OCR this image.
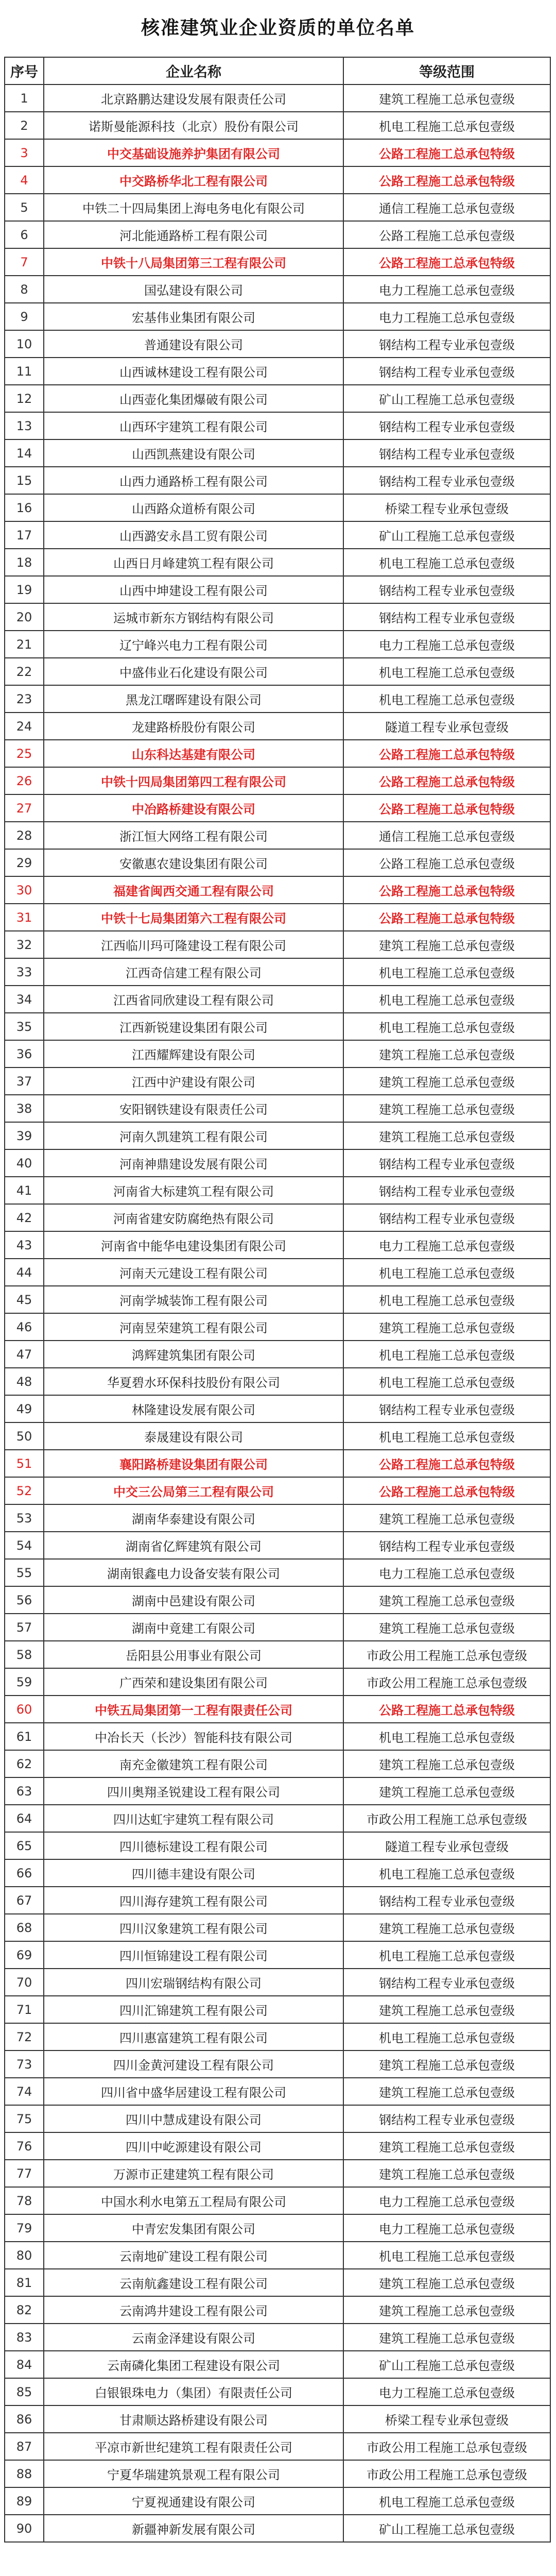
核准建筑业企业资质的单位名单
序号	企业名称	等级范围
1	北京路鹏达建设发展有限责任公司	建筑工程施工总承包壹级
2	诺斯曼能源科技（北京）股份有限公司	机电工程施工总承包壹级
3	中交基础设施养护集团有限公司	公路工程施工总承包特级
4	中交路桥华北工程有限公司	公路工程施工总承包特级
5	中铁二十四局集团上海电务电化有限公司	通信工程施工总承包壹级
6	河北能通路桥工程有限公司	公路工程施工总承包壹级
7	中铁十八局集团第三工程有限公司	公路工程施工总承包特级
8	国弘建设有限公司	电力工程施工总承包壹级
9	宏基伟业集团有限公司	电力工程施工总承包壹级
10	普通建设有限公司	钢结构工程专业承包壹级
11	山西诚林建设工程有限公司	钢结构工程专业承包壹级
12	山西壶化集团爆破有限公司	矿山工程施工总承包壹级
13	山西环宇建筑工程有限公司	钢结构工程专业承包壹级
14	山西凯燕建设有限公司	钢结构工程专业承包壹级
15	山西力通路桥工程有限公司	钢结构工程专业承包壹级
16	山西路众道桥有限公司	桥梁工程专业承包壹级
17	山西潞安永昌工贸有限公司	矿山工程施工总承包壹级
18	山西日月峰建筑工程有限公司	机电工程施工总承包壹级
19	山西中坤建设工程有限公司	钢结构工程专业承包壹级
20	运城市新东方钢结构有限公司	钢结构工程专业承包壹级
21	辽宁峰兴电力工程有限公司	电力工程施工总承包壹级
22	中盛伟业石化建设有限公司	机电工程施工总承包壹级
23	黑龙江曙晖建设有限公司	机电工程施工总承包壹级
24	龙建路桥股份有限公司	隧道工程专业承包壹级
25	山东科达基建有限公司	公路工程施工总承包特级
26	中铁十四局集团第四工程有限公司	公路工程施工总承包特级
27	中冶路桥建设有限公司	公路工程施工总承包特级
28	浙江恒大网络工程有限公司	通信工程施工总承包壹级
29	安徽惠农建设集团有限公司	公路工程施工总承包壹级
30	福建省闽西交通工程有限公司	公路工程施工总承包特级
31	中铁十七局集团第六工程有限公司	公路工程施工总承包特级
32	江西临川玛可隆建设工程有限公司	建筑工程施工总承包壹级
33	江西奇信建工程有限公司	机电工程施工总承包壹级
34	江西省同欣建设工程有限公司	机电工程施工总承包壹级
35	江西新锐建设集团有限公司	机电工程施工总承包壹级
36	江西耀辉建设有限公司	建筑工程施工总承包壹级
37	江西中沪建设有限公司	建筑工程施工总承包壹级
38	安阳钢铁建设有限责任公司	建筑工程施工总承包壹级
39	河南久凯建筑工程有限公司	建筑工程施工总承包壹级
40	河南神鼎建设发展有限公司	钢结构工程专业承包壹级
41	河南省大标建筑工程有限公司	钢结构工程专业承包壹级
42	河南省建安防腐绝热有限公司	钢结构工程专业承包壹级
43	河南省中能华电建设集团有限公司	电力工程施工总承包壹级
44	河南天元建设工程有限公司	机电工程施工总承包壹级
45	河南学城装饰工程有限公司	机电工程施工总承包壹级
46	河南昱荣建筑工程有限公司	建筑工程施工总承包壹级
47	鸿辉建筑集团有限公司	机电工程施工总承包壹级
48	华夏碧水环保科技股份有限公司	机电工程施工总承包壹级
49	林隆建设发展有限公司	钢结构工程专业承包壹级
50	泰晟建设有限公司	机电工程施工总承包壹级
51	襄阳路桥建设集团有限公司	公路工程施工总承包特级
52	中交三公局第三工程有限公司	公路工程施工总承包特级
53	湖南华泰建设有限公司	建筑工程施工总承包壹级
54	湖南省亿辉建筑有限公司	钢结构工程专业承包壹级
55	湖南银鑫电力设备安装有限公司	电力工程施工总承包壹级
56	湖南中邑建设有限公司	建筑工程施工总承包壹级
57	湖南中竟建工有限公司	建筑工程施工总承包壹级
58	岳阳县公用事业有限公司	市政公用工程施工总承包壹级
59	广西荣和建设集团有限公司	市政公用工程施工总承包壹级
60	中铁五局集团第一工程有限责任公司	公路工程施工总承包特级
61	中冶长天（长沙）智能科技有限公司	机电工程施工总承包壹级
62	南充金徽建筑工程有限公司	建筑工程施工总承包壹级
63	四川奥翔圣锐建设工程有限公司	建筑工程施工总承包壹级
64	四川达虹宇建筑工程有限公司	市政公用工程施工总承包壹级
65	四川德标建设工程有限公司	隧道工程专业承包壹级
66	四川德丰建设有限公司	机电工程施工总承包壹级
67	四川海存建筑工程有限公司	钢结构工程专业承包壹级
68	四川汉象建筑工程有限公司	建筑工程施工总承包壹级
69	四川恒锦建设工程有限公司	机电工程施工总承包壹级
70	四川宏瑞钢结构有限公司	钢结构工程专业承包壹级
71	四川汇锦建筑工程有限公司	建筑工程施工总承包壹级
72	四川惠富建筑工程有限公司	机电工程施工总承包壹级
73	四川金黄河建设工程有限公司	建筑工程施工总承包壹级
74	四川省中盛华居建设工程有限公司	建筑工程施工总承包壹级
75	四川中慧成建设有限公司	钢结构工程专业承包壹级
76	四川中屹源建设有限公司	建筑工程施工总承包壹级
77	万源市正建建筑工程有限公司	建筑工程施工总承包壹级
78	中国水利水电第五工程局有限公司	电力工程施工总承包壹级
79	中青宏发集团有限公司	电力工程施工总承包壹级
80	云南地矿建设工程有限公司	机电工程施工总承包壹级
81	云南航鑫建设工程有限公司	建筑工程施工总承包壹级
82	云南鸿井建设工程有限公司	建筑工程施工总承包壹级
83	云南金泽建设有限公司	建筑工程施工总承包壹级
84	云南磷化集团工程建设有限公司	矿山工程施工总承包壹级
85	白银银珠电力（集团）有限责任公司	电力工程施工总承包壹级
86	甘肃顺达路桥建设有限公司	桥梁工程专业承包壹级
87	平凉市新世纪建筑工程有限责任公司	市政公用工程施工总承包壹级
88	宁夏华瑞建筑景观工程有限公司	市政公用工程施工总承包壹级
89	宁夏视通建设有限公司	机电工程施工总承包壹级
90	新疆神新发展有限公司	矿山工程施工总承包壹级
